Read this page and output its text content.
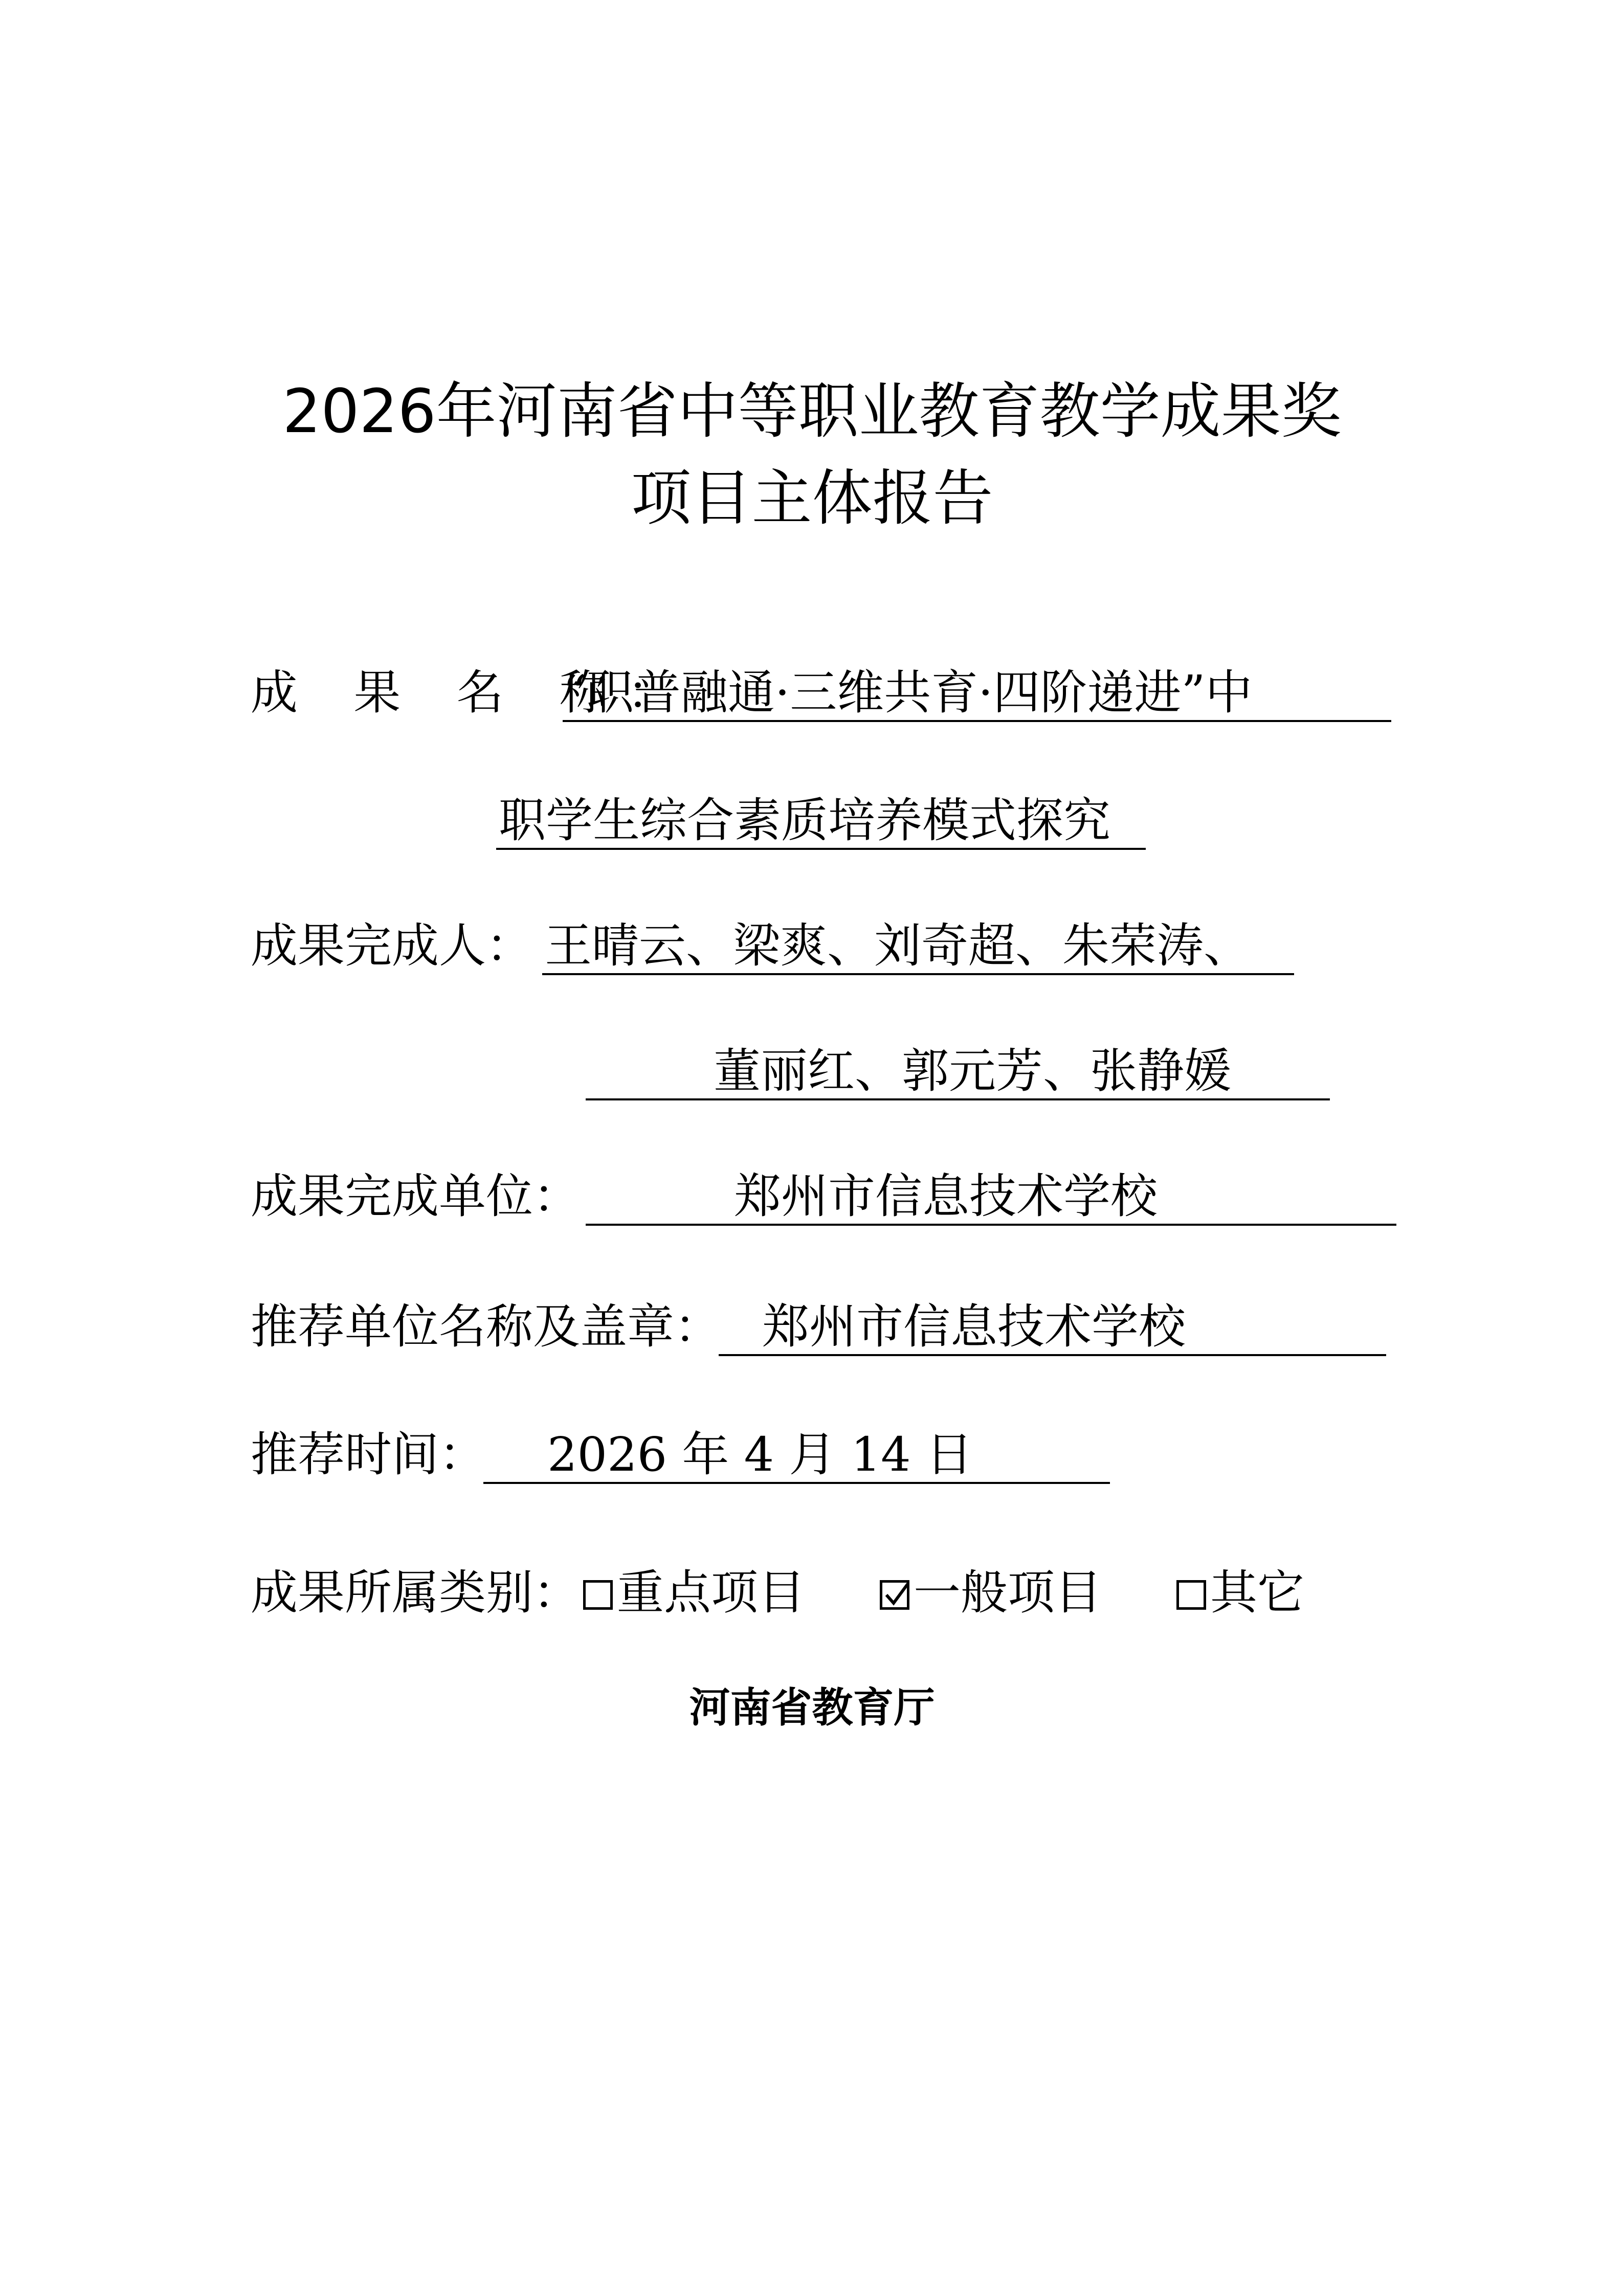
2026年河南省中等职业教育教学成果奖
项目主体报告
成 果 名 称：
“职普融通·三维共育·四阶递进”中
职学生综合素质培养模式探究
成果完成人： 王晴云、梁爽、刘奇超、朱荣涛、
董丽红、郭元芳、张静媛
成果完成单位：	郑州市信息技术学校
推荐单位名称及盖章： 郑州市信息技术学校
推荐时间： 2026 年 4 月 14 日
成果所属类别： 重点项目	一般项目	其它
河南省教育厅
